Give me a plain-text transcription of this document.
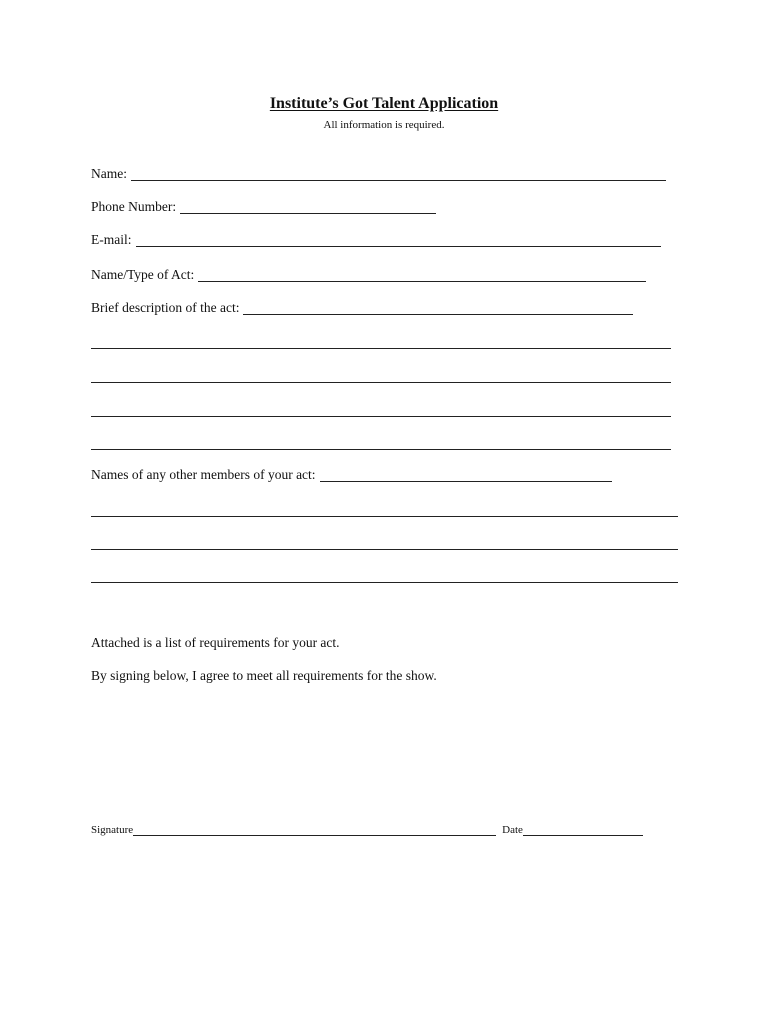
Institute’s Got Talent Application
All information is required.
Name:
Phone Number:
E-mail:
Name/Type of Act:
Brief description of the act:
Names of any other members of your act:
Attached is a list of requirements for your act.
By signing below, I agree to meet all requirements for the show.
Signature	Date
